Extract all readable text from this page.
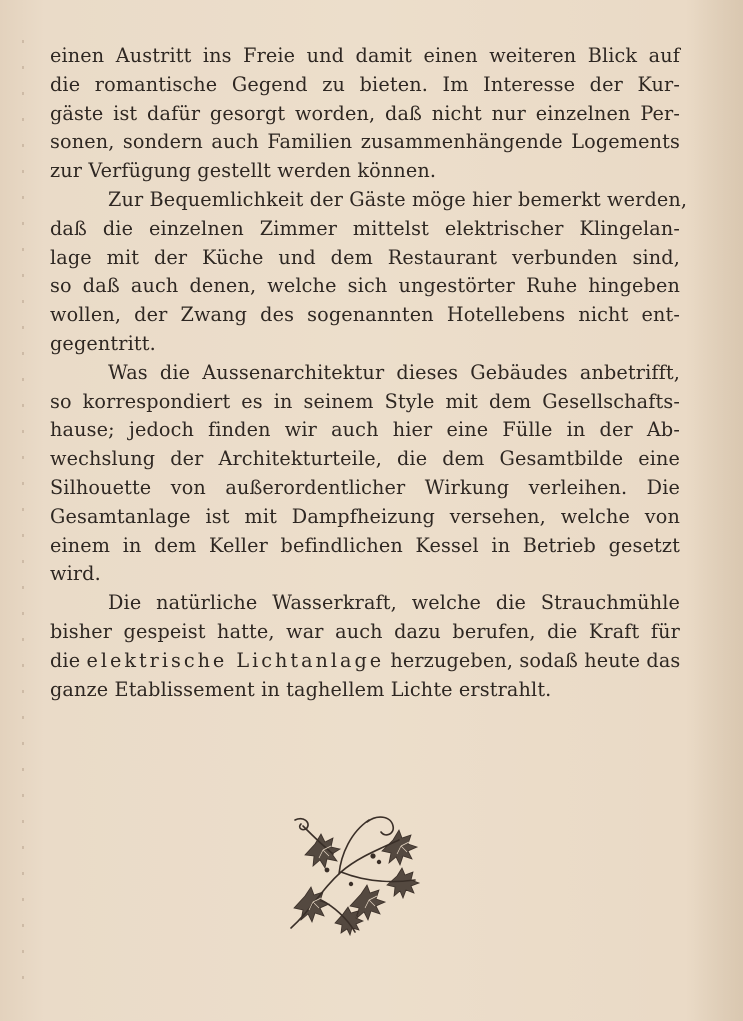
einen Austritt ins Freie und damit einen weiteren Blick auf
die romantische Gegend zu bieten. Im Interesse der Kur-
gäste ist dafür gesorgt worden, daß nicht nur einzelnen Per-
sonen, sondern auch Familien zusammenhängende Logements
zur Verfügung gestellt werden können.
Zur Bequemlichkeit der Gäste möge hier bemerkt werden,
daß die einzelnen Zimmer mittelst elektrischer Klingelan-
lage mit der Küche und dem Restaurant verbunden sind,
so daß auch denen, welche sich ungestörter Ruhe hingeben
wollen, der Zwang des sogenannten Hotellebens nicht ent-
gegentritt.
Was die Aussenarchitektur dieses Gebäudes anbetrifft,
so korrespondiert es in seinem Style mit dem Gesellschafts-
hause; jedoch finden wir auch hier eine Fülle in der Ab-
wechslung der Architekturteile, die dem Gesamtbilde eine
Silhouette von außerordentlicher Wirkung verleihen. Die
Gesamtanlage ist mit Dampfheizung versehen, welche von
einem in dem Keller befindlichen Kessel in Betrieb gesetzt
wird.
Die natürliche Wasserkraft, welche die Strauchmühle
bisher gespeist hatte, war auch dazu berufen, die Kraft für
die elektrische Lichtanlage herzugeben, sodaß heute das
ganze Etablissement in taghellem Lichte erstrahlt.
